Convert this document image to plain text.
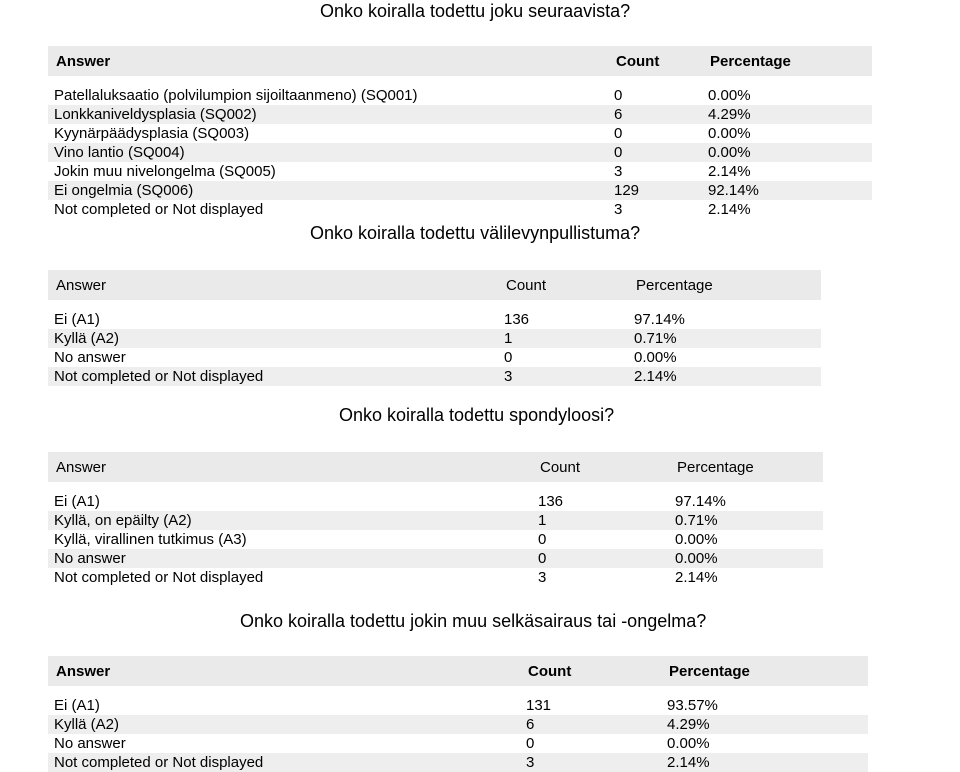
Onko koiralla todettu joku seuraavista?
Answer	Count	Percentage

Patellaluksaatio (polvilumpion sijoiltaanmeno) (SQ001)	0	0.00%
Lonkkaniveldysplasia (SQ002)	6	4.29%
Kyynärpäädysplasia (SQ003)	0	0.00%
Vino lantio (SQ004)	0	0.00%
Jokin muu nivelongelma (SQ005)	3	2.14%
Ei ongelmia (SQ006)	129	92.14%
Not completed or Not displayed	3	2.14%
Onko koiralla todettu välilevynpullistuma?
Answer	Count	Percentage

Ei (A1)	136	97.14%
Kyllä (A2)	1	0.71%
No answer	0	0.00%
Not completed or Not displayed	3	2.14%
Onko koiralla todettu spondyloosi?
Answer	Count	Percentage

Ei (A1)	136	97.14%
Kyllä, on epäilty (A2)	1	0.71%
Kyllä, virallinen tutkimus (A3)	0	0.00%
No answer	0	0.00%
Not completed or Not displayed	3	2.14%
Onko koiralla todettu jokin muu selkäsairaus tai -ongelma?
Answer	Count	Percentage

Ei (A1)	131	93.57%
Kyllä (A2)	6	4.29%
No answer	0	0.00%
Not completed or Not displayed	3	2.14%
